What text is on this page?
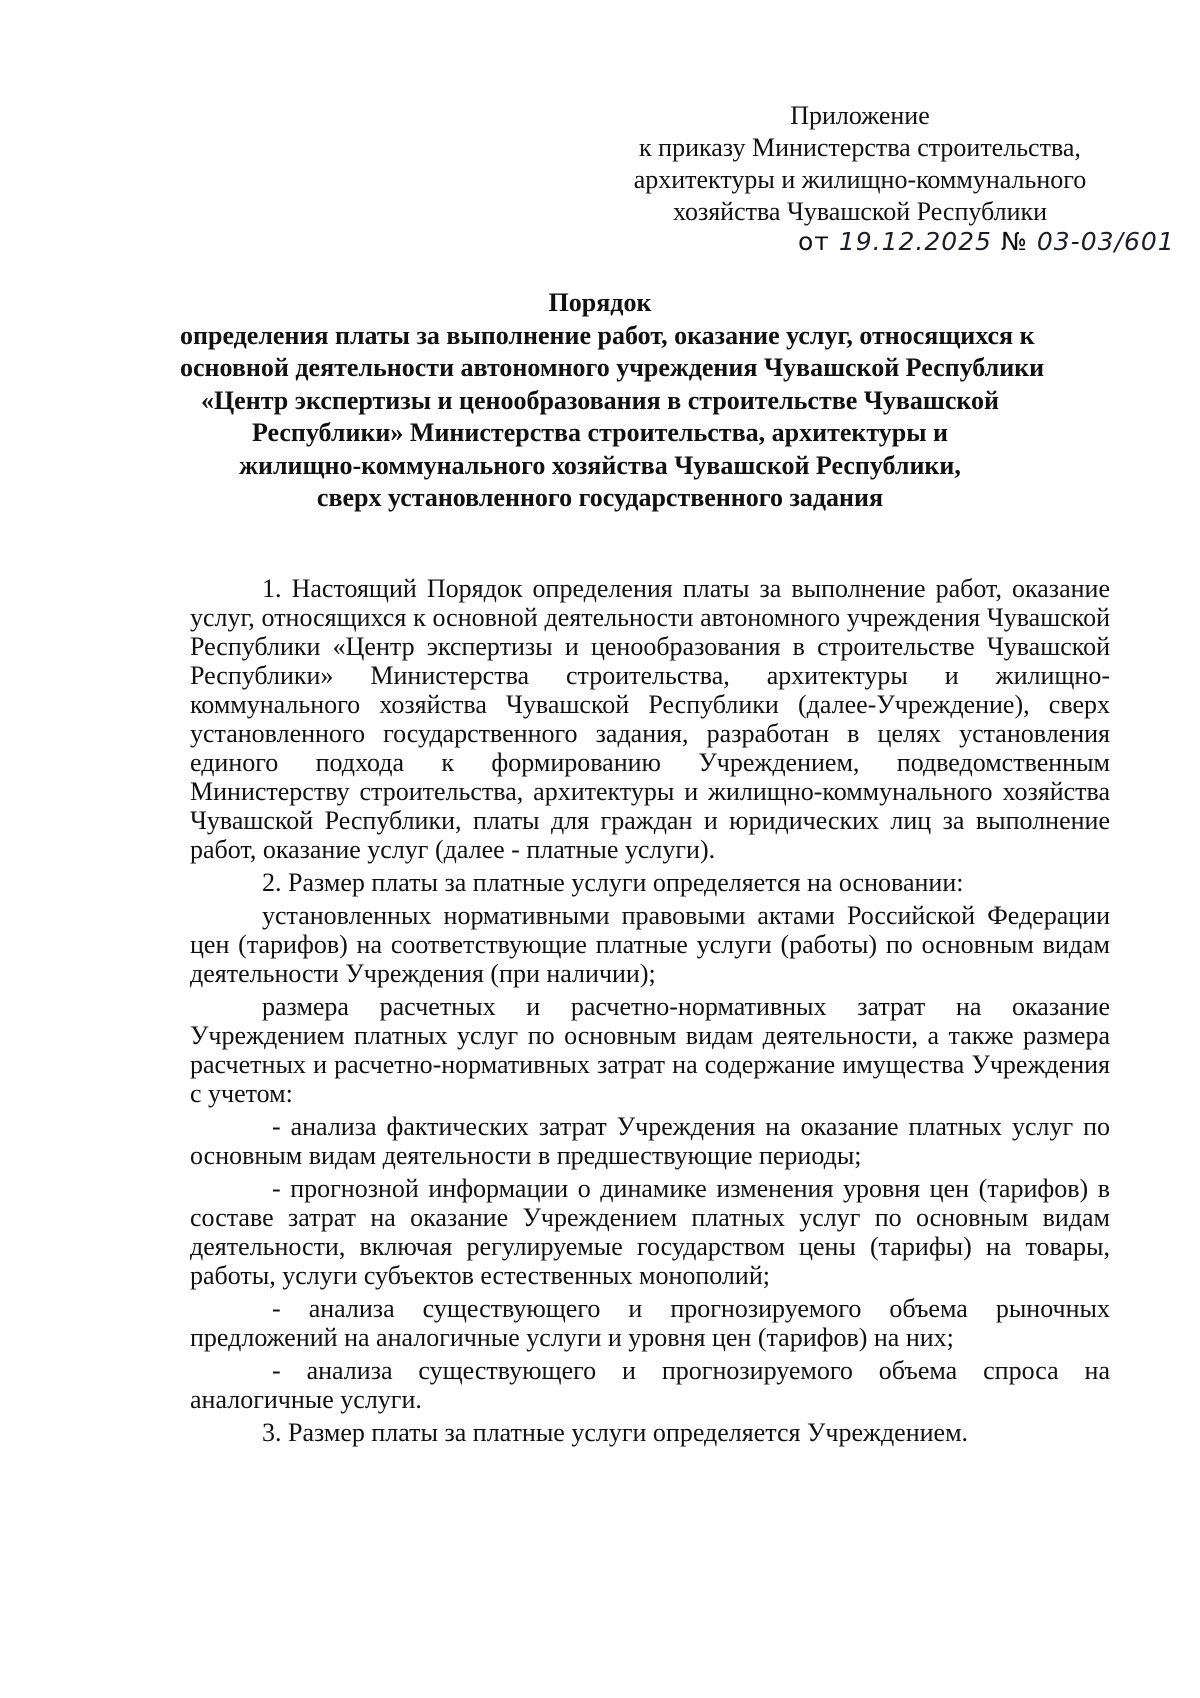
Приложение
к приказу Министерства строительства,
архитектуры и жилищно-коммунального
хозяйства Чувашской Республики
от 19.12.2025 № 03-03/601
Порядок
определения платы за выполнение работ, оказание услуг, относящихся к
основной деятельности автономного учреждения Чувашской Республики
«Центр экспертизы и ценообразования в строительстве Чувашской
Республики» Министерства строительства, архитектуры и
жилищно-коммунального хозяйства Чувашской Республики,
сверх установленного государственного задания

1. Настоящий Порядок определения платы за выполнение работ, оказание услуг, относящихся к основной деятельности автономного учреждения Чувашской Республики «Центр экспертизы и ценообразования в строительстве Чувашской Республики» Министерства строительства, архитектуры и жилищно-коммунального хозяйства Чувашской Республики (далее-Учреждение), сверх установленного государственного задания, разработан в целях установления единого подхода к формированию Учреждением, подведомственным Министерству строительства, архитектуры и жилищно-коммунального хозяйства Чувашской Республики, платы для граждан и юридических лиц за выполнение работ, оказание услуг (далее - платные услуги).

2. Размер платы за платные услуги определяется на основании:

установленных нормативными правовыми актами Российской Федерации цен (тарифов) на соответствующие платные услуги (работы) по основным видам деятельности Учреждения (при наличии);

размера расчетных и расчетно-нормативных затрат на оказание Учреждением платных услуг по основным видам деятельности, а также размера расчетных и расчетно-нормативных затрат на содержание имущества Учреждения с учетом:

- анализа фактических затрат Учреждения на оказание платных услуг по основным видам деятельности в предшествующие периоды;

- прогнозной информации о динамике изменения уровня цен (тарифов) в составе затрат на оказание Учреждением платных услуг по основным видам деятельности, включая регулируемые государством цены (тарифы) на товары, работы, услуги субъектов естественных монополий;

- анализа существующего и прогнозируемого объема рыночных предложений на аналогичные услуги и уровня цен (тарифов) на них;

- анализа существующего и прогнозируемого объема спроса на аналогичные услуги.

3. Размер платы за платные услуги определяется Учреждением.
